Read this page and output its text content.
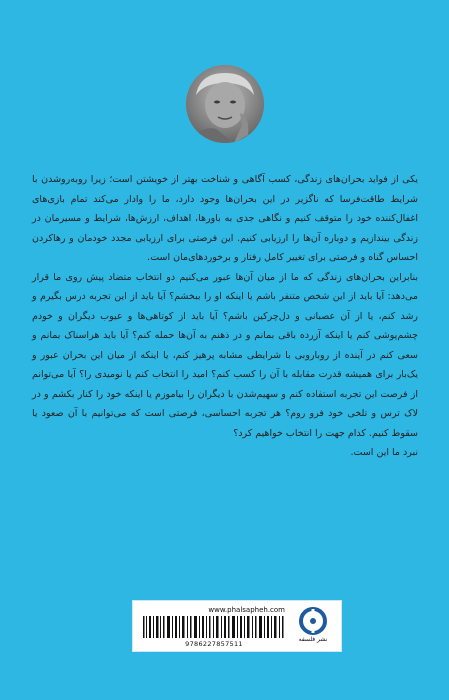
یکی از فواید بحران‌های زندگی، کسب آگاهی و شناخت بهتر از خویشتن است؛ زیرا روبه‌روشدن با شرایط طاقت‌فرسا که ناگزیر در این بحران‌ها وجود دارد، ما را وادار می‌کند تمام بازی‌های اغفال‌کننده خود را متوقف کنیم و نگاهی جدی به باورها، اهداف، ارزش‌ها، شرایط و مسیرمان در زندگی بیندازیم و دوباره آن‌ها را ارزیابی کنیم. این فرصتی برای ارزیابی مجدد خودمان و رهاکردن احساس گناه و فرصتی برای تغییر کامل رفتار و برخوردهای‌مان است.

بنابراین بحران‌های زندگی که ما از میان آن‌ها عبور می‌کنیم دو انتخاب متضاد پیش روی ما قرار می‌دهد: آیا باید از این شخص متنفر باشم یا اینکه او را ببخشم؟ آیا باید از این تجربه درس بگیرم و رشد کنم، یا از آن عصبانی و دل‌چرکین باشم؟ آیا باید از کوتاهی‌ها و عیوب دیگران و خودم چشم‌پوشی کنم یا اینکه آزرده باقی بمانم و در ذهنم به آن‌ها حمله کنم؟ آیا باید هراسناک بمانم و سعی کنم در آینده از روباروبی با شرایطی مشابه پرهیز کنم، یا اینکه از میان این بحران عبور و یک‌بار برای همیشه قدرت مقابله با آن را کسب کنم؟ امید را انتخاب کنم یا نومیدی را؟ آیا می‌توانم از فرصت این تجربه استفاده کنم و سهیم‌شدن با دیگران را بیاموزم یا اینکه خود را کنار بکشم و در لاک ترس و تلخی خود فرو روم؟ هر تجربه احساسی، فرصتی است که می‌توانیم با آن صعود یا سقوط کنیم. کدام جهت را انتخاب خواهیم کرد؟

نبرد ما این است.

www.phalsapheh.com
9786227857511
نشر فلسفه
